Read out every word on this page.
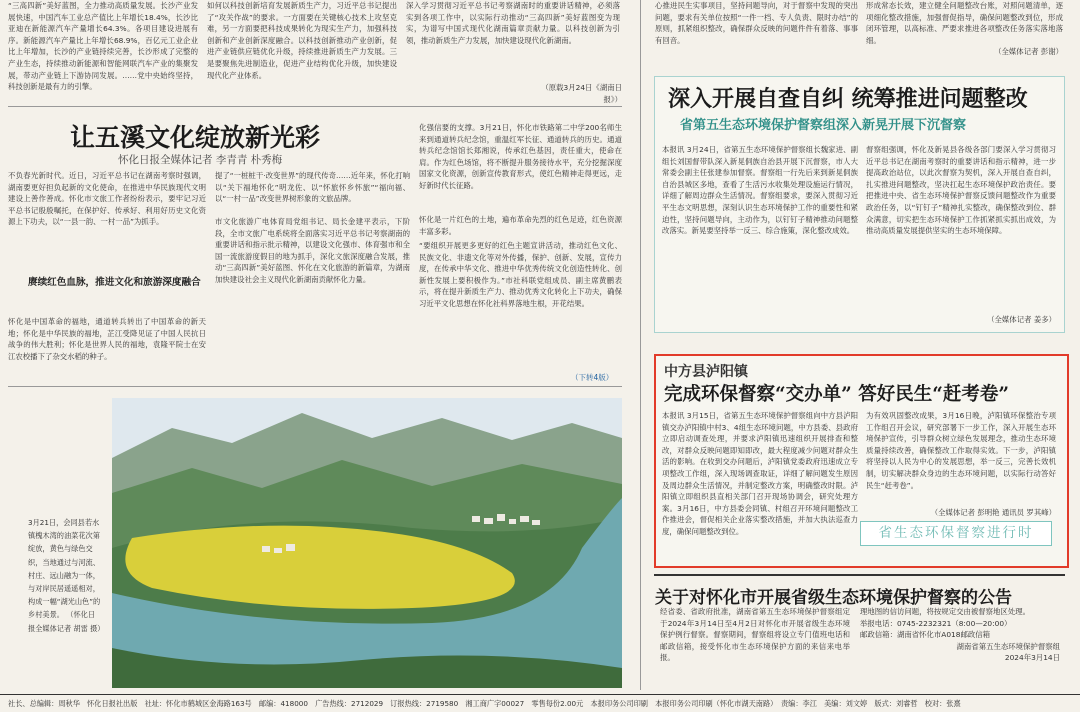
“三高四新”美好蓝图，全力推动高质量发展。长沙产业发展快速，中国汽车工业总产值比上年增长18.4%，长沙比亚迪在新能源汽车产量增长64.3%。各项目建设进展有序。新能源汽车产量比上年增长68.9%，百亿元工业企业比上年增加，长沙的产业链持续完善，长沙形成了完整的产业生态，持续推动新能源和智能网联汽车产业的集聚发展，带动产业链上下游协同发展。……党中央始终坚持，科技创新是最有力的引擎。

如何以科技创新培育发展新质生产力，习近平总书记提出了“攻关作战”的要求。一方面要在关键核心技术上攻坚克难，另一方面要把科技成果转化为现实生产力，加强科技创新和产业创新深度融合。以科技创新推动产业创新，促进产业链供应链优化升级，持续推进新质生产力发展。三是要聚焦先进制造业，促进产业结构优化升级，加快建设现代化产业体系。

深入学习贯彻习近平总书记考察湖南时的重要讲话精神，必须落实到各项工作中，以实际行动推动“三高四新”美好蓝图变为现实，为谱写中国式现代化湖南篇章贡献力量。以科技创新为引领，推动新质生产力发展，加快建设现代化新湖南。

（原载3月24日《湖南日报》）

心推进民生实事项目，坚持问题导向，对于督察中发现的突出问题，要求有关单位按照“一件一档、专人负责、限时办结”的原则，抓紧组织整改，确保群众反映的问题件件有着落、事事有回音。

形成常态长效，建立健全问题整改台账，对照问题清单，逐项细化整改措施，加强督促指导，确保问题整改到位，形成闭环管理，以高标准、严要求推进各项整改任务落实落地落细。

（全媒体记者 彭谢）

让五溪文化绽放新光彩
怀化日报全媒体记者 李青青 朴秀梅

不负春光新时代。近日，习近平总书记在湖南考察时强调，湖南要更好担负起新的文化使命，在推进中华民族现代文明建设上善作善成。怀化市文旅工作者纷纷表示，要牢记习近平总书记殷殷嘱托，在保护好、传承好、利用好历史文化资源上下功夫，以“一县一韵、一村一品”为抓手。

赓续红色血脉，推进文化和旅游深度融合

怀化是中国革命的福地，通道转兵转出了中国革命的新天地；怀化是中华民族的福地，芷江受降见证了中国人民抗日战争的伟大胜利；怀化是世界人民的福地，袁隆平院士在安江农校播下了杂交水稻的种子。

提了“一桩桩干·改变世界”的现代传奇……近年来，怀化打响以“关下福地怀化”明龙佐、以“怀旅怀乡怀旅”“福向福、以“一村一品”改变世界树形象的文旅品牌。

市文化旅游广电体育局党组书记、局长金建平表示，下阶段，全市文旅广电系统将全面落实习近平总书记考察湖南的重要讲话和指示批示精神，以建设文化强市、体育强市和全国一流旅游度假目的地为抓手，深化文旅深度融合发展，推动“三高四新”美好蓝图、怀化在文化旅游的新篇章，为湖南加快建设社会主义现代化新湖南贡献怀化力量。

化强信要的支撑。3月21日，怀化市铁路第二中学200名师生来到通道转兵纪念馆，重温红军长征、通道转兵的历史。通道转兵纪念馆馆长郑湘说，传承红色基因，责任重大，使命在肩。作为红色场馆，将不断提升服务接待水平，充分挖掘深度国家文化资源，创新宣传教育形式，使红色精神走得更远，走好新时代长征路。

怀化是一片红色的土地，遍布革命先烈的红色足迹，红色资源丰富多彩。

“要组织开展更多更好的红色主题宣讲活动，推动红色文化、民族文化、非遗文化等对外传播，保护、创新、发展，宣传力度，在传承中华文化、推进中华优秀传统文化创造性转化、创新性发展上要积极作为。”市社科联党组成员、副主席黄鹏表示，将在提升新质生产力、推动优秀文化转化上下功夫，确保习近平文化思想在怀化社科界落地生根，开花结果。

（下转4版）
3月21日，会同县若水镇槐木湾的油菜花次第绽放，黄色与绿色交织，当地通过与河流、村庄、远山融为一体，与对岸民居遥遥相对，构成一幅“湖光山色”的乡村美景。 （怀化日报全媒体记者 胡雷 摄）
深入开展自查自纠 统筹推进问题整改
省第五生态环境保护督察组深入新晃开展下沉督察

本报讯 3月24日，省第五生态环境保护督察组长魏家进、副组长刘国督带队深入新晃侗族自治县开展下沉督察，市人大常委会副主任张建参加督察。督察组一行先后来到新晃侗族自治县城区多地，查看了生活污水收集处理设施运行情况，详细了解周边群众生活情况。督察组要求，要深入贯彻习近平生态文明思想，深刻认识生态环境保护工作的重要性和紧迫性，坚持问题导向，主动作为，以钉钉子精神推动问题整改落实。新晃要坚持举一反三、综合施策，深化整改成效。

督察组强调，怀化及新晃县各级各部门要深入学习贯彻习近平总书记在湖南考察时的重要讲话和指示精神，进一步提高政治站位，以此次督察为契机，深入开展自查自纠，扎实推进问题整改，坚决扛起生态环境保护政治责任。要把推进中央、省生态环境保护督察反馈问题整改作为重要政治任务，以“钉钉子”精神扎实整改，确保整改到位、群众满意，切实把生态环境保护工作抓紧抓实抓出成效，为推动高质量发展提供坚实的生态环境保障。

（全媒体记者 姜多）

中方县泸阳镇
完成环保督察“交办单” 答好民生“赶考卷”

本报讯 3月15日，省第五生态环境保护督察组向中方县泸阳镇交办泸阳镇中村3、4组生态环境问题，中方县委、县政府立即启动调查处理，并要求泸阳镇迅速组织开展排查和整改，对群众反映问题即知即改，最大程度减少问题对群众生活的影响。在收到交办问题后，泸阳镇党委政府迅速成立专项整改工作组，深入现场调查取证，详细了解问题发生原因及周边群众生活情况，并制定整改方案，明确整改时限。泸阳镇立即组织县直相关部门召开现场协调会，研究处理方案。3月16日，中方县委会同镇、村组召开环境问题整改工作推进会，督促相关企业落实整改措施，并加大执法巡查力度，确保问题整改到位。

为有效巩固整改成果，3月16日晚，泸阳镇环保整治专项工作组召开会议，研究部署下一步工作，深入开展生态环境保护宣传，引导群众树立绿色发展理念，推动生态环境质量持续改善，确保整改工作取得实效。下一步，泸阳镇将坚持以人民为中心的发展思想，举一反三，完善长效机制，切实解决群众身边的生态环境问题，以实际行动答好民生“赶考卷”。

（全媒体记者 彭明艳 通讯员 罗其峰）

省生态环保督察进行时
关于对怀化市开展省级生态环境保护督察的公告

经省委、省政府批准，湖南省第五生态环境保护督察组定于2024年3月14日至4月2日对怀化市开展省级生态环境保护例行督察。督察期间，督察组将设立专门值班电话和邮政信箱，接受怀化市生态环境保护方面的来信来电举报。

理地图的信访问题，将按规定交由被督察地区处理。

举报电话：0745-2232321（8:00—20:00）

邮政信箱：湖南省怀化市A018邮政信箱

湖南省第五生态环境保护督察组

2024年3月14日

社长、总编辑：周秋华　怀化日报社出版　社址：怀化市鹤城区金海路163号　邮编：418000　广告热线：2712029　订报热线：2719580　湘工商广字00027　零售每份2.00元　本报印务公司印刷　本报印务公司印刷（怀化市湖天南路）　责编：李江　美编：刘文婷　版式：刘睿哲　校对：张熹
